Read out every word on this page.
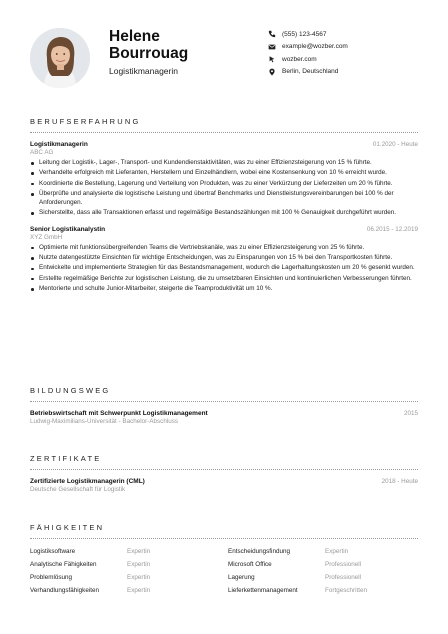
Helene Bourrouag
Logistikmanagerin
(555) 123-4567
example@wozber.com
wozber.com
Berlin, Deutschland
BERUFSERFAHRUNG
Logistikmanagerin	01.2020 - Heute
ABC AG
Leitung der Logistik-, Lager-, Transport- und Kundendienstaktivitäten, was zu einer Effizienzsteigerung von 15 % führte.
Verhandelte erfolgreich mit Lieferanten, Herstellern und Einzelhändlern, wobei eine Kostensenkung von 10 % erreicht wurde.
Koordinierte die Bestellung, Lagerung und Verteilung von Produkten, was zu einer Verkürzung der Lieferzeiten um 20 % führte.
Überprüfte und analysierte die logistische Leistung und übertraf Benchmarks und Dienstleistungsvereinbarungen bei 100 % der Anforderungen.
Sicherstellte, dass alle Transaktionen erfasst und regelmäßige Bestandszählungen mit 100 % Genauigkeit durchgeführt wurden.
Senior Logistikanalystin	06.2015 - 12.2019
XYZ GmbH
Optimierte mit funktionsübergreifenden Teams die Vertriebskanäle, was zu einer Effizienzsteigerung von 25 % führte.
Nutzte datengestützte Einsichten für wichtige Entscheidungen, was zu Einsparungen von 15 % bei den Transportkosten führte.
Entwickelte und implementierte Strategien für das Bestandsmanagement, wodurch die Lagerhaltungskosten um 20 % gesenkt wurden.
Erstellte regelmäßige Berichte zur logistischen Leistung, die zu umsetzbaren Einsichten und kontinuierlichen Verbesserungen führten.
Mentorierte und schulte Junior-Mitarbeiter, steigerte die Teamproduktivität um 10 %.
BILDUNGSWEG
Betriebswirtschaft mit Schwerpunkt Logistikmanagement	2015
Ludwig-Maximilians-Universität - Bachelor-Abschluss
ZERTIFIKATE
Zertifizierte Logistikmanagerin (CML)	2018 - Heute
Deutsche Gesellschaft für Logistik
FÄHIGKEITEN
Logistiksoftware	Expertin	Entscheidungsfindung	Expertin
Analytische Fähigkeiten	Expertin	Microsoft Office	Professionell
Problemlösung	Expertin	Lagerung	Professionell
Verhandlungsfähigkeiten	Expertin	Lieferkettenmanagement	Fortgeschritten
